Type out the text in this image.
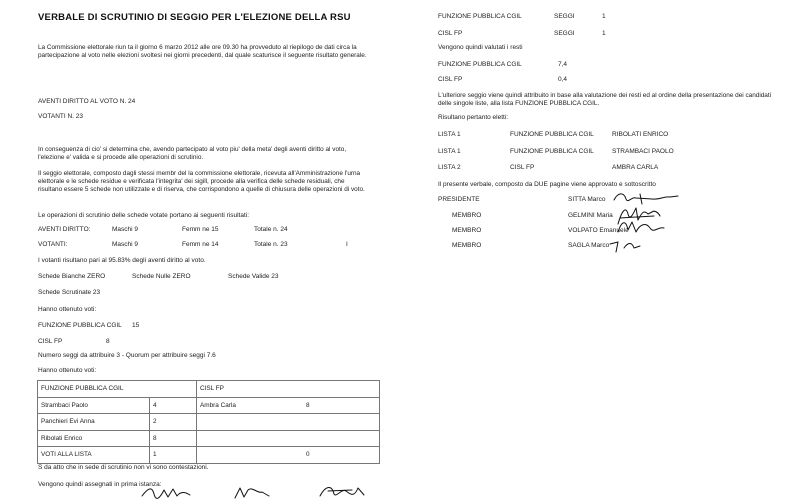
VERBALE DI SCRUTINIO DI SEGGIO PER L'ELEZIONE DELLA RSU
La Commissione elettorale riun ta il giorno 6 marzo 2012 alle ore 09.30 ha provveduto al riepilogo de dati circa la partecipazione al voto nelle elezioni svoltesi nei giorni precedenti, dal quale scaturisce il seguente risultato generale.
AVENTI DIRITTO AL VOTO N. 24
VOTANTI N. 23
In conseguenza di cio' si determina che, avendo partecipato al voto piu' della meta' degli aventi diritto al voto, l'elezione e' valida e si procede alle operazioni di scrutinio.
Il seggio elettorale, composto dagli stessi membr del la commissione elettorale, ricevuta all'Amministrazione l'urna elettorale e le schede residue e verificata l'integrita' dei sigill, procede alla verifica delle schede residuali, che risultano essere 5 schede non utilizzate e di riserva, che corrispondono a quelle di chiusura delle operazioni di voto.
Le operazioni di scrutinio delle schede votate portano ai seguenti risultati:
AVENTI DIRITTO:	Maschi 9	Femm ne 15	Totale n. 24
VOTANTI:	Maschi 9	Femm ne 14	Totale n. 23	I
I votanti risultano pari al 95.83% degli aventi diritto al voto.
Schede Bianche ZERO	Schede Nulle ZERO	Schede Valide 23
Schede Scrutinate 23
Hanno ottenuto voti:
FUNZIONE PUBBLICA CGIL 15
CISL FP	8
Numero seggi da attribuire 3 - Quorum per attribuire seggi 7.6
Hanno ottenuto voti:
FUNZIONE PUBBLICA CGIL		CISL FP	
Strambaci Paolo	4	Ambra Carla	8
Panchieri Evi Anna	2		
Ribolati Enrico	8		
VOTI ALLA LISTA	1		0
S da atto che in sede di scrutinio non vi sono contestazioni.
Vengono quindi assegnati in prima istanza:
FUNZIONE PUBBLICA CGIL	SEGGI	1
CISL FP	SEGGI	1
Vengono quindi valutati i resti
FUNZIONE PUBBLICA CGIL	7,4
CISL FP	0,4
L'ulteriore seggio viene quindi attribuito in base alla valutazione dei resti ed al ordine della presentazione dei candidati delle singole liste, alla lista FUNZIONE PUBBLICA CGIL.
Risultano pertanto eletti:
LISTA 1	FUNZIONE PUBBLICA CGIL	RIBOLATI ENRICO
LISTA 1	FUNZIONE PUBBLICA CGIL	STRAMBACI PAOLO
LISTA 2	CISL FP	AMBRA CARLA
Il presente verbale, composto da DUE pagine viene approvato e sottoscritto
PRESIDENTE	SITTA Marco
MEMBRO	GELMINI Maria
MEMBRO	VOLPATO Emanuele
MEMBRO	SAGLA Marco
